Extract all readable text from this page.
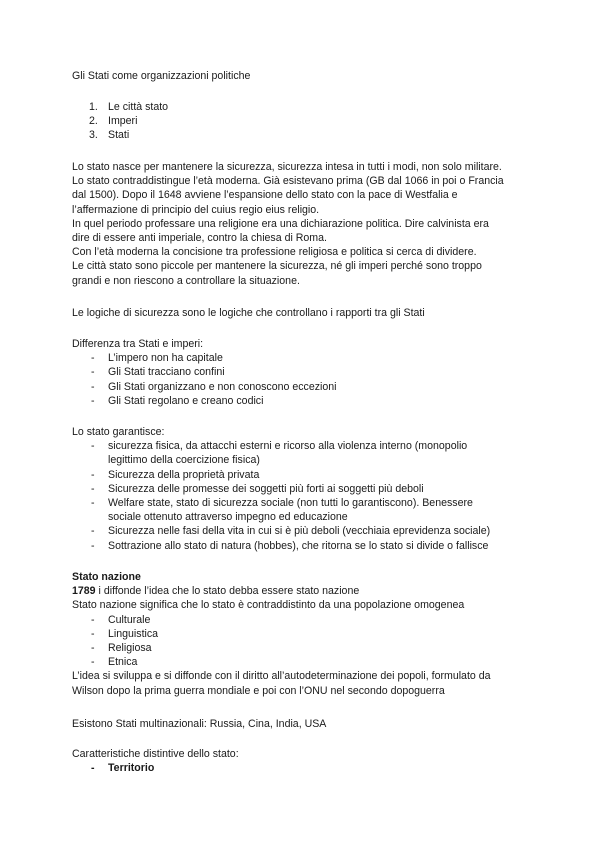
Gli Stati come organizzazioni politiche

1. Le città stato
2. Imperi
3. Stati

Lo stato nasce per mantenere la sicurezza, sicurezza intesa in tutti i modi, non solo militare.

Lo stato contraddistingue l’età moderna. Già esistevano prima (GB dal 1066 in poi o Francia

dal 1500). Dopo il 1648 avviene l’espansione dello stato con la pace di Westfalia e

l’affermazione di principio del cuius regio eius religio.

In quel periodo professare una religione era una dichiarazione politica. Dire calvinista era

dire di essere anti imperiale, contro la chiesa di Roma.

Con l’età moderna la concisione tra professione religiosa e politica si cerca di dividere.

Le città stato sono piccole per mantenere la sicurezza, né gli imperi perché sono troppo

grandi e non riescono a controllare la situazione.

Le logiche di sicurezza sono le logiche che controllano i rapporti tra gli Stati

Differenza tra Stati e imperi:

- L’impero non ha capitale
- Gli Stati tracciano confini
- Gli Stati organizzano e non conoscono eccezioni
- Gli Stati regolano e creano codici

Lo stato garantisce:

- sicurezza fisica, da attacchi esterni e ricorso alla violenza interno (monopolio
legittimo della coercizione fisica)
- Sicurezza della proprietà privata
- Sicurezza delle promesse dei soggetti più forti ai soggetti più deboli
- Welfare state, stato di sicurezza sociale (non tutti lo garantiscono). Benessere
sociale ottenuto attraverso impegno ed educazione
- Sicurezza nelle fasi della vita in cui si è più deboli (vecchiaia eprevidenza sociale)
- Sottrazione allo stato di natura (hobbes), che ritorna se lo stato si divide o fallisce

Stato nazione

1789 i diffonde l’idea che lo stato debba essere stato nazione

Stato nazione significa che lo stato è contraddistinto da una popolazione omogenea

- Culturale
- Linguistica
- Religiosa
- Etnica

L’idea si sviluppa e si diffonde con il diritto all’autodeterminazione dei popoli, formulato da

Wilson dopo la prima guerra mondiale e poi con l’ONU nel secondo dopoguerra

Esistono Stati multinazionali: Russia, Cina, India, USA

Caratteristiche distintive dello stato:

- Territorio
